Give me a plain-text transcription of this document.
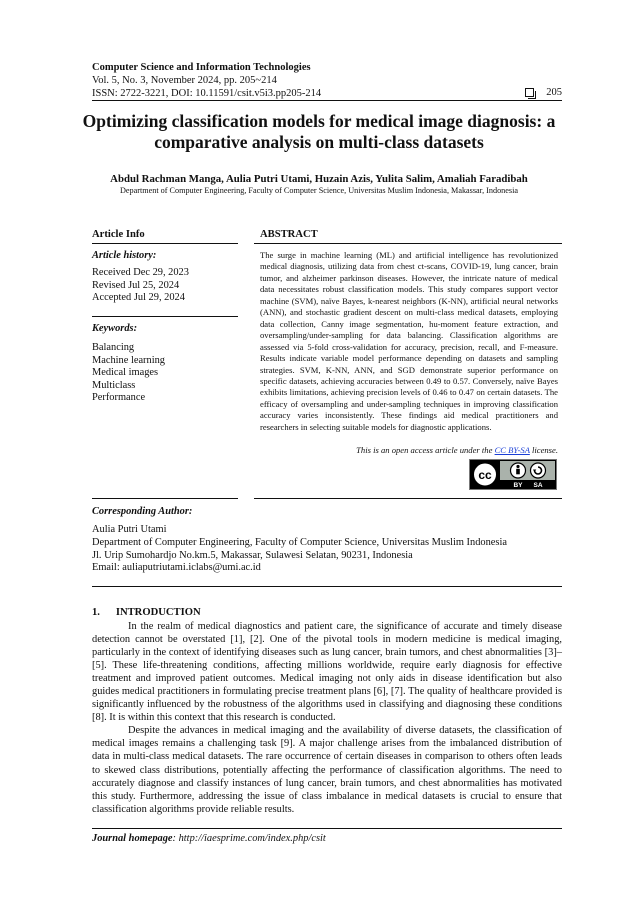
Computer Science and Information Technologies
Vol. 5, No. 3, November 2024, pp. 205~214
ISSN: 2722-3221, DOI: 10.11591/csit.v5i3.pp205-214	205
Optimizing classification models for medical image diagnosis: a
comparative analysis on multi-class datasets
Abdul Rachman Manga, Aulia Putri Utami, Huzain Azis, Yulita Salim, Amaliah Faradibah
Department of Computer Engineering, Faculty of Computer Science, Universitas Muslim Indonesia, Makassar, Indonesia
Article Info	ABSTRACT
Article history:
Received Dec 29, 2023
Revised Jul 25, 2024
Accepted Jul 29, 2024
Keywords:
Balancing
Machine learning
Medical images
Multiclass
Performance
The surge in machine learning (ML) and artificial intelligence has revolutionized medical diagnosis, utilizing data from chest ct-scans, COVID-19, lung cancer, brain tumor, and alzheimer parkinson diseases. However, the intricate nature of medical data necessitates robust classification models. This study compares support vector machine (SVM), naïve Bayes, k-nearest neighbors (K-NN), artificial neural networks (ANN), and stochastic gradient descent on multi-class medical datasets, employing data collection, Canny image segmentation, hu-moment feature extraction, and oversampling/under-sampling for data balancing. Classification algorithms are assessed via 5-fold cross-validation for accuracy, precision, recall, and F-measure. Results indicate variable model performance depending on datasets and sampling strategies. SVM, K-NN, ANN, and SGD demonstrate superior performance on specific datasets, achieving accuracies between 0.49 to 0.57. Conversely, naïve Bayes exhibits limitations, achieving precision levels of 0.46 to 0.47 on certain datasets. The efficacy of oversampling and under-sampling techniques in improving classification accuracy varies inconsistently. These findings aid medical practitioners and researchers in selecting suitable models for diagnostic applications.
This is an open access article under the CC BY-SA license.
cc
BY SA
Corresponding Author:
Aulia Putri Utami
Department of Computer Engineering, Faculty of Computer Science, Universitas Muslim Indonesia
Jl. Urip Sumohardjo No.km.5, Makassar, Sulawesi Selatan, 90231, Indonesia
Email: auliaputriutami.iclabs@umi.ac.id
1.      INTRODUCTION

In the realm of medical diagnostics and patient care, the significance of accurate and timely disease detection cannot be overstated [1], [2]. One of the pivotal tools in modern medicine is medical imaging, particularly in the context of identifying diseases such as lung cancer, brain tumors, and chest abnormalities [3]–[5]. These life-threatening conditions, affecting millions worldwide, require early diagnosis for effective treatment and improved patient outcomes. Medical imaging not only aids in disease identification but also guides medical practitioners in formulating precise treatment plans [6], [7]. The quality of healthcare provided is significantly influenced by the robustness of the algorithms used in classifying and diagnosing these conditions [8]. It is within this context that this research is conducted.

Despite the advances in medical imaging and the availability of diverse datasets, the classification of medical images remains a challenging task [9]. A major challenge arises from the imbalanced distribution of data in multi-class medical datasets. The rare occurrence of certain diseases in comparison to others often leads to skewed class distributions, potentially affecting the performance of classification algorithms. The need to accurately diagnose and classify instances of lung cancer, brain tumors, and chest abnormalities has motivated this study. Furthermore, addressing the issue of class imbalance in medical datasets is crucial to ensure that classification algorithms provide reliable results.

Journal homepage: http://iaesprime.com/index.php/csit
